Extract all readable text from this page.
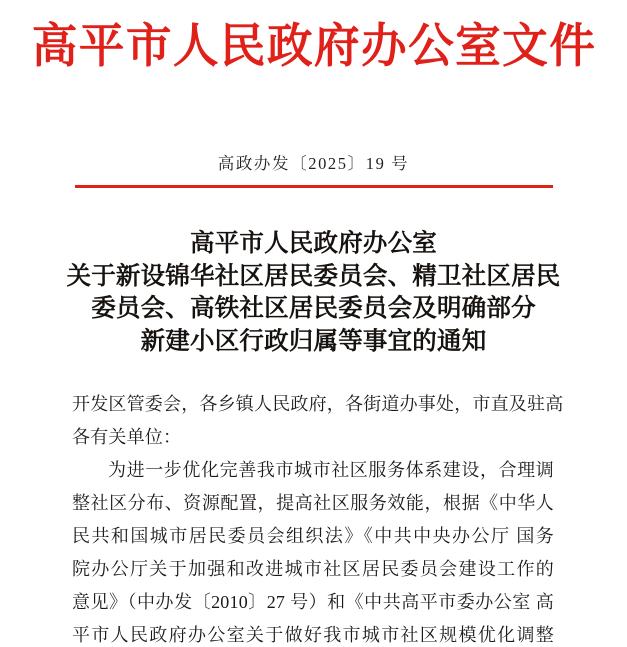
高平市人民政府办公室文件
高政办发〔2025〕19 号
高平市人民政府办公室
关于新设锦华社区居民委员会、精卫社区居民
委员会、高铁社区居民委员会及明确部分
新建小区行政归属等事宜的通知
开发区管委会，各乡镇人民政府，各街道办事处，市直及驻高
各有关单位：
为进一步优化完善我市城市社区服务体系建设，合理调
整社区分布、资源配置，提高社区服务效能，根据《中华人
民共和国城市居民委员会组织法》《中共中央办公厅 国务
院办公厅关于加强和改进城市社区居民委员会建设工作的
意见》（中办发〔2010〕27 号）和《中共高平市委办公室 高
平市人民政府办公室关于做好我市城市社区规模优化调整
